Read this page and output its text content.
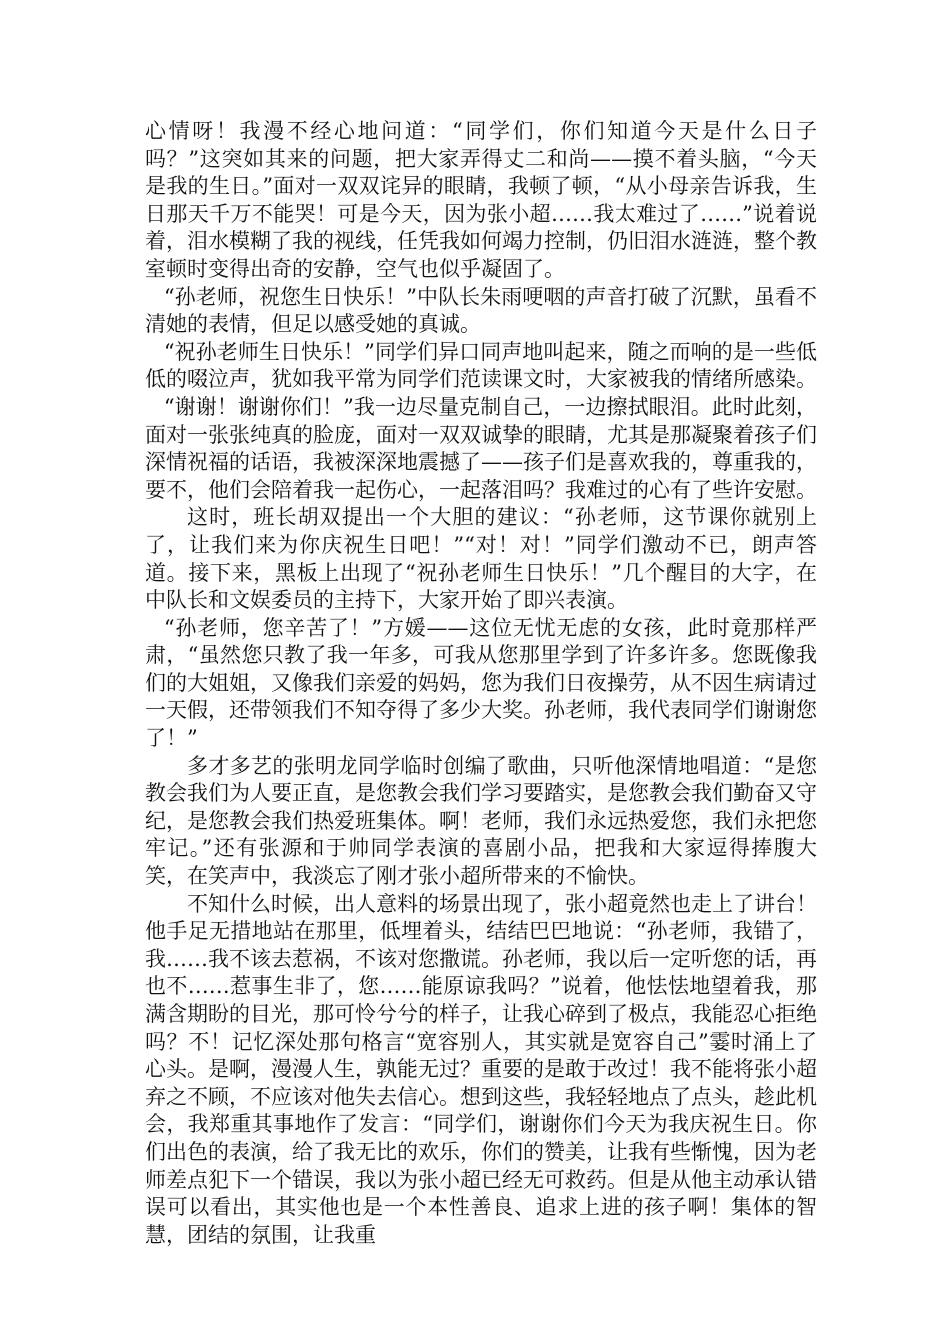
心情呀！我漫不经心地问道：“同学们，你们知道今天是什么日子吗？”这突如其来的问题，把大家弄得丈二和尚——摸不着头脑，“今天是我的生日。”面对一双双诧异的眼睛，我顿了顿，“从小母亲告诉我，生日那天千万不能哭！可是今天，因为张小超……我太难过了……”说着说着，泪水模糊了我的视线，任凭我如何竭力控制，仍旧泪水涟涟，整个教室顿时变得出奇的安静，空气也似乎凝固了。

“孙老师，祝您生日快乐！”中队长朱雨哽咽的声音打破了沉默，虽看不清她的表情，但足以感受她的真诚。

“祝孙老师生日快乐！”同学们异口同声地叫起来，随之而响的是一些低低的啜泣声，犹如我平常为同学们范读课文时，大家被我的情绪所感染。

“谢谢！谢谢你们！”我一边尽量克制自己，一边擦拭眼泪。此时此刻，面对一张张纯真的脸庞，面对一双双诚挚的眼睛，尤其是那凝聚着孩子们深情祝福的话语，我被深深地震撼了——孩子们是喜欢我的，尊重我的，要不，他们会陪着我一起伤心，一起落泪吗？我难过的心有了些许安慰。

这时，班长胡双提出一个大胆的建议：“孙老师，这节课你就别上了，让我们来为你庆祝生日吧！”“对！对！”同学们激动不已，朗声答道。接下来，黑板上出现了“祝孙老师生日快乐！”几个醒目的大字，在中队长和文娱委员的主持下，大家开始了即兴表演。

“孙老师，您辛苦了！”方媛——这位无忧无虑的女孩，此时竟那样严肃，“虽然您只教了我一年多，可我从您那里学到了许多许多。您既像我们的大姐姐，又像我们亲爱的妈妈，您为我们日夜操劳，从不因生病请过一天假，还带领我们不知夺得了多少大奖。孙老师，我代表同学们谢谢您了！”

多才多艺的张明龙同学临时创编了歌曲，只听他深情地唱道：“是您教会我们为人要正直，是您教会我们学习要踏实，是您教会我们勤奋又守纪，是您教会我们热爱班集体。啊！老师，我们永远热爱您，我们永把您牢记。”还有张源和于帅同学表演的喜剧小品，把我和大家逗得捧腹大笑，在笑声中，我淡忘了刚才张小超所带来的不愉快。

不知什么时候，出人意料的场景出现了，张小超竟然也走上了讲台！他手足无措地站在那里，低埋着头，结结巴巴地说：“孙老师，我错了，我……我不该去惹祸，不该对您撒谎。孙老师，我以后一定听您的话，再也不……惹事生非了，您……能原谅我吗？”说着，他怯怯地望着我，那满含期盼的目光，那可怜兮兮的样子，让我心碎到了极点，我能忍心拒绝吗？不！记忆深处那句格言“宽容别人，其实就是宽容自己”霎时涌上了心头。是啊，漫漫人生，孰能无过？重要的是敢于改过！我不能将张小超弃之不顾，不应该对他失去信心。想到这些，我轻轻地点了点头，趁此机会，我郑重其事地作了发言：“同学们，谢谢你们今天为我庆祝生日。你们出色的表演，给了我无比的欢乐，你们的赞美，让我有些惭愧，因为老师差点犯下一个错误，我以为张小超已经无可救药。但是从他主动承认错误可以看出，其实他也是一个本性善良、追求上进的孩子啊！集体的智慧，团结的氛围，让我重
